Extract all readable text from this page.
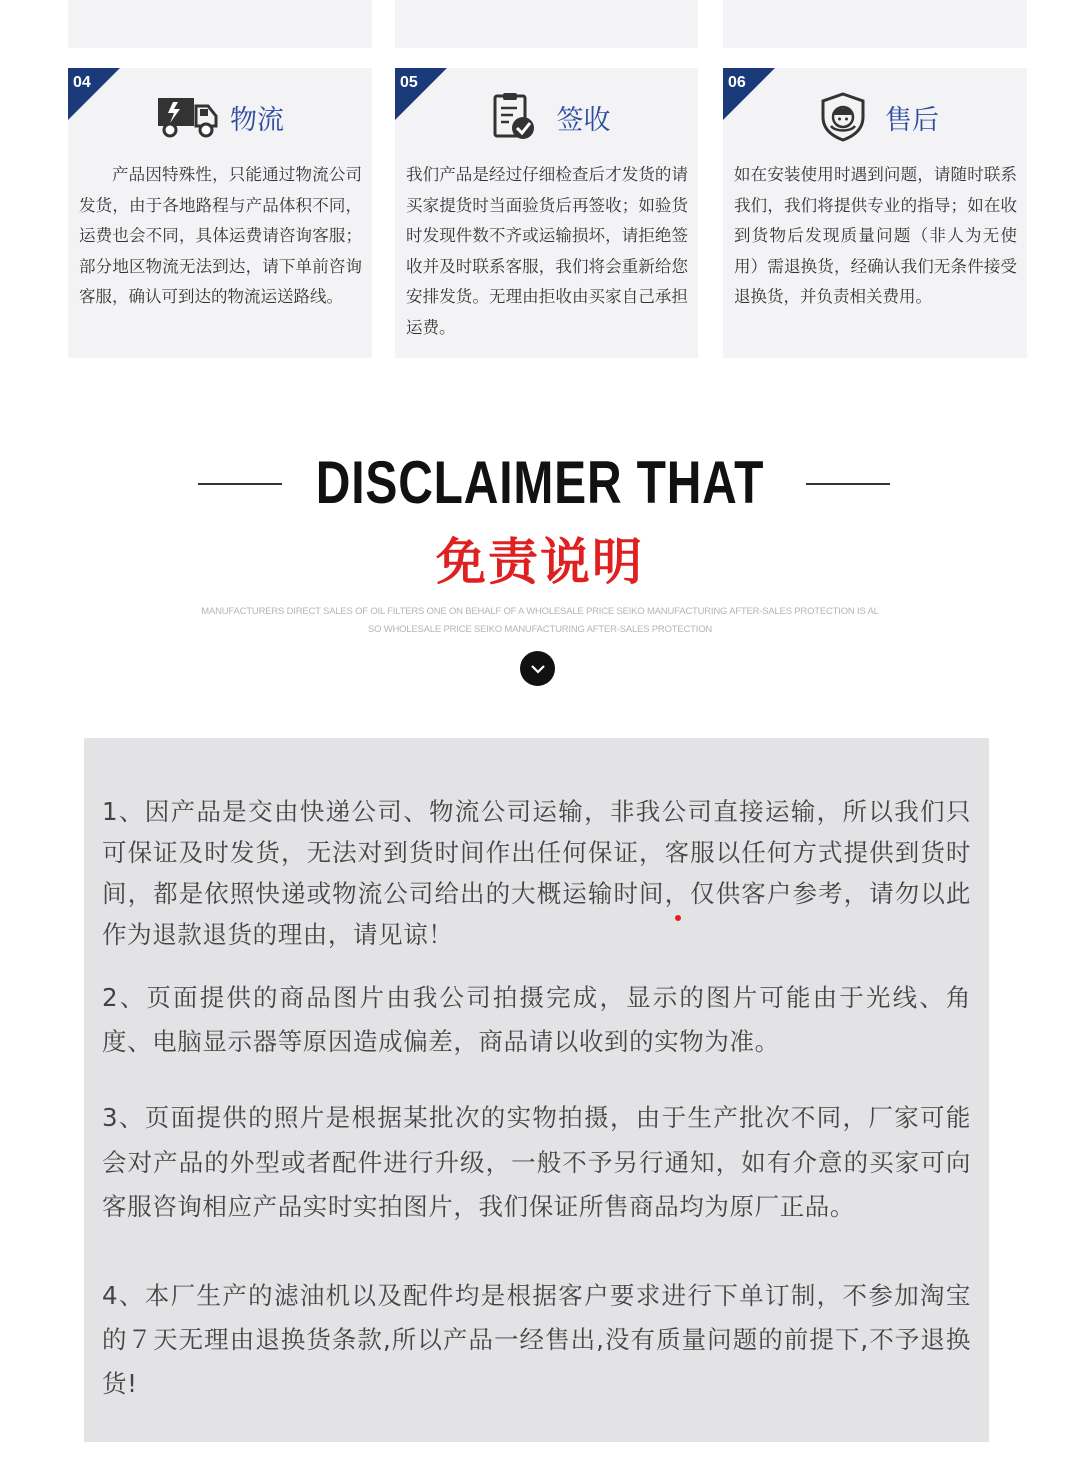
04
物流
产品因特殊性，只能通过物流公司发货，由于各地路程与产品体积不同，运费也会不同，具体运费请咨询客服；部分地区物流无法到达，请下单前咨询客服，确认可到达的物流运送路线。
05
签收
我们产品是经过仔细检查后才发货的请买家提货时当面验货后再签收；如验货时发现件数不齐或运输损坏，请拒绝签收并及时联系客服，我们将会重新给您安排发货。无理由拒收由买家自己承担运费。
06
售后
如在安装使用时遇到问题，请随时联系我们，我们将提供专业的指导；如在收到货物后发现质量问题（非人为无使用）需退换货，经确认我们无条件接受退换货，并负责相关费用。
DISCLAIMER THAT
免责说明
MANUFACTURERS DIRECT SALES OF OIL FILTERS ONE ON BEHALF OF A WHOLESALE PRICE SEIKO MANUFACTURING AFTER-SALES PROTECTION IS AL
SO WHOLESALE PRICE SEIKO MANUFACTURING AFTER-SALES PROTECTION
1、因产品是交由快递公司、物流公司运输，非我公司直接运输，所以我们只可保证及时发货，无法对到货时间作出任何保证，客服以任何方式提供到货时间，都是依照快递或物流公司给出的大概运输时间，仅供客户参考，请勿以此作为退款退货的理由，请见谅！
2、页面提供的商品图片由我公司拍摄完成，显示的图片可能由于光线、角度、电脑显示器等原因造成偏差，商品请以收到的实物为准。
3、页面提供的照片是根据某批次的实物拍摄，由于生产批次不同，厂家可能会对产品的外型或者配件进行升级，一般不予另行通知，如有介意的买家可向客服咨询相应产品实时实拍图片，我们保证所售商品均为原厂正品。
4、本厂生产的滤油机以及配件均是根据客户要求进行下单订制，不参加淘宝的７天无理由退换货条款,所以产品一经售出,没有质量问题的前提下,不予退换货!
